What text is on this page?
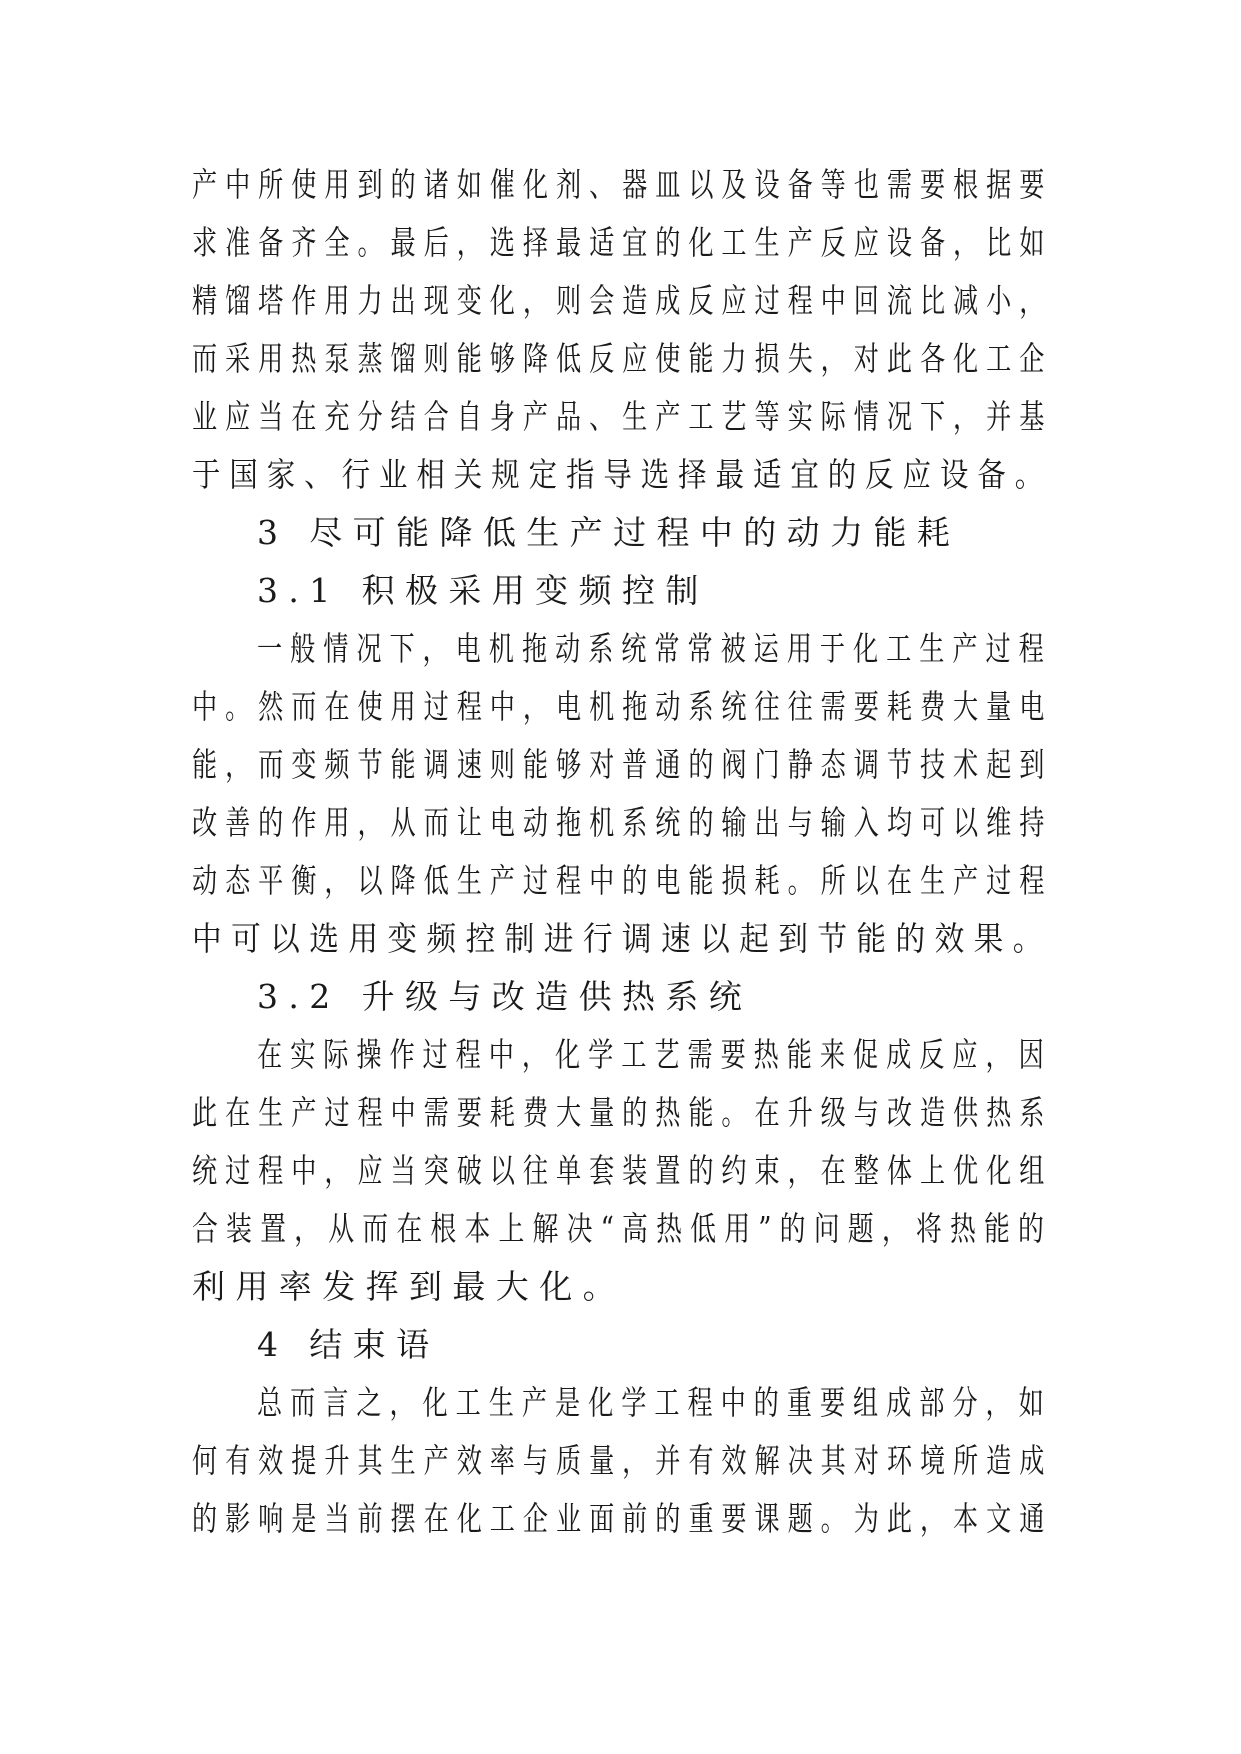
产中所使用到的诸如催化剂、器皿以及设备等也需要根据要
求准备齐全。最后，选择最适宜的化工生产反应设备，比如
精馏塔作用力出现变化，则会造成反应过程中回流比减小，
而采用热泵蒸馏则能够降低反应使能力损失，对此各化工企
业应当在充分结合自身产品、生产工艺等实际情况下，并基
于国家、行业相关规定指导选择最适宜的反应设备。
3 尽可能降低生产过程中的动力能耗
3.1 积极采用变频控制
一般情况下，电机拖动系统常常被运用于化工生产过程
中。然而在使用过程中，电机拖动系统往往需要耗费大量电
能，而变频节能调速则能够对普通的阀门静态调节技术起到
改善的作用，从而让电动拖机系统的输出与输入均可以维持
动态平衡，以降低生产过程中的电能损耗。所以在生产过程
中可以选用变频控制进行调速以起到节能的效果。
3.2 升级与改造供热系统
在实际操作过程中，化学工艺需要热能来促成反应，因
此在生产过程中需要耗费大量的热能。在升级与改造供热系
统过程中，应当突破以往单套装置的约束，在整体上优化组
合装置，从而在根本上解决“高热低用”的问题，将热能的
利用率发挥到最大化。
4 结束语
总而言之，化工生产是化学工程中的重要组成部分，如
何有效提升其生产效率与质量，并有效解决其对环境所造成
的影响是当前摆在化工企业面前的重要课题。为此，本文通
